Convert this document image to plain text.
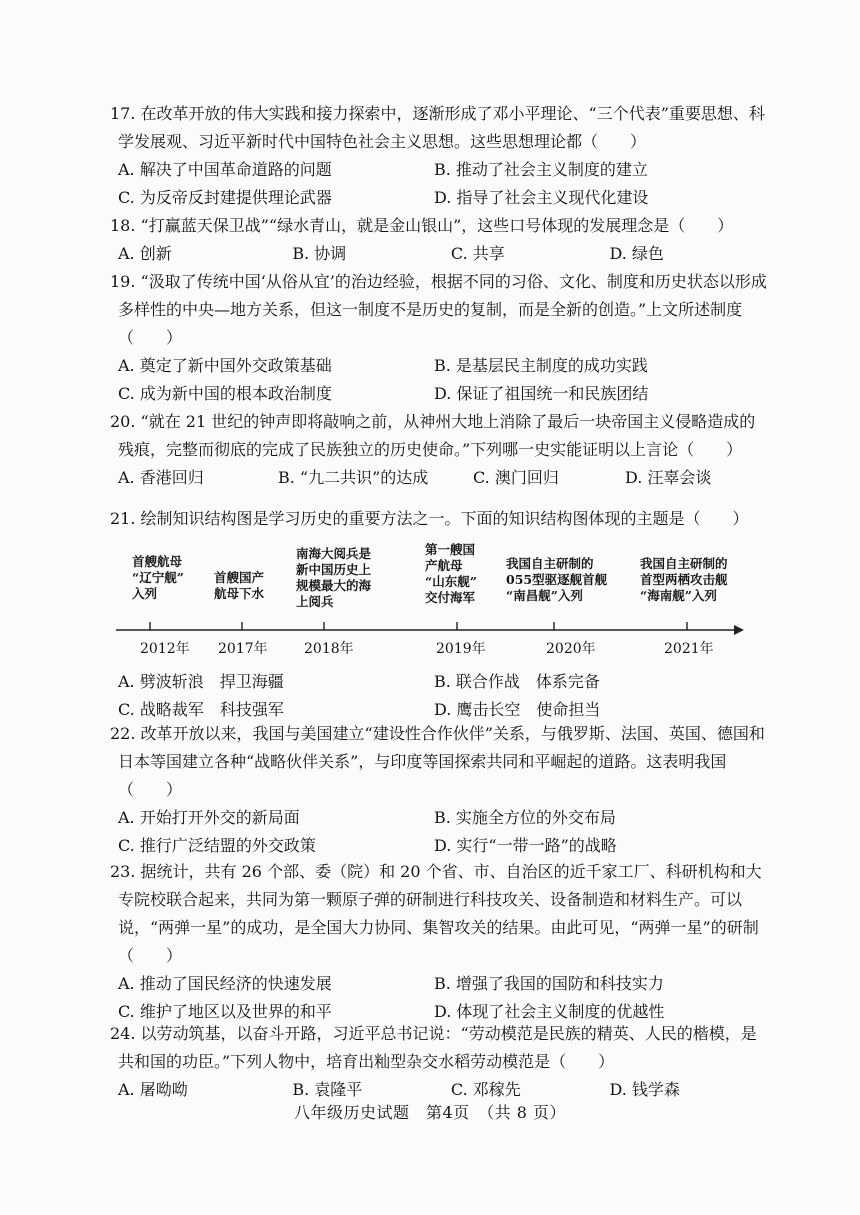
17. 在改革开放的伟大实践和接力探索中，逐渐形成了邓小平理论、“三个代表”重要思想、科学发展观、习近平新时代中国特色社会主义思想。这些思想理论都（　　）

A. 解决了中国革命道路的问题	B. 推动了社会主义制度的建立
C. 为反帝反封建提供理论武器	D. 指导了社会主义现代化建设

18. “打赢蓝天保卫战”“绿水青山，就是金山银山”，这些口号体现的发展理念是（　　）

A. 创新	B. 协调	C. 共享	D. 绿色

19. “汲取了传统中国‘从俗从宜’的治边经验，根据不同的习俗、文化、制度和历史状态以形成多样性的中央—地方关系，但这一制度不是历史的复制，而是全新的创造。”上文所述制度（　　）

A. 奠定了新中国外交政策基础	B. 是基层民主制度的成功实践
C. 成为新中国的根本政治制度	D. 保证了祖国统一和民族团结

20. “就在 21 世纪的钟声即将敲响之前，从神州大地上消除了最后一块帝国主义侵略造成的残痕，完整而彻底的完成了民族独立的历史使命。”下列哪一史实能证明以上言论（　　）

A. 香港回归	B. “九二共识”的达成	C. 澳门回归	D. 汪辜会谈

21. 绘制知识结构图是学习历史的重要方法之一。下面的知识结构图体现的主题是（　　）

首艘航母
“辽宁舰”
入列
首艘国产
航母下水
南海大阅兵是
新中国历史上
规模最大的海
上阅兵
第一艘国
产航母
“山东舰”
交付海军
我国自主研制的
055型驱逐舰首舰
“南昌舰”入列
我国自主研制的
首型两栖攻击舰
“海南舰”入列
2012年 2017年	2018年	2019年	2020年	2021年
A. 劈波斩浪　捍卫海疆	B. 联合作战　体系完备
C. 战略裁军　科技强军	D. 鹰击长空　使命担当

22. 改革开放以来，我国与美国建立“建设性合作伙伴”关系，与俄罗斯、法国、英国、德国和日本等国建立各种“战略伙伴关系”，与印度等国探索共同和平崛起的道路。这表明我国（　　）

A. 开始打开外交的新局面	B. 实施全方位的外交布局
C. 推行广泛结盟的外交政策	D. 实行“一带一路”的战略

23. 据统计，共有 26 个部、委（院）和 20 个省、市、自治区的近千家工厂、科研机构和大专院校联合起来，共同为第一颗原子弹的研制进行科技攻关、设备制造和材料生产。可以说，“两弹一星”的成功，是全国大力协同、集智攻关的结果。由此可见，“两弹一星”的研制（　　）

A. 推动了国民经济的快速发展	B. 增强了我国的国防和科技实力
C. 维护了地区以及世界的和平	D. 体现了社会主义制度的优越性

24. 以劳动筑基，以奋斗开路，习近平总书记说：“劳动模范是民族的精英、人民的楷模，是共和国的功臣。”下列人物中，培育出籼型杂交水稻劳动模范是（　　）

A. 屠呦呦	B. 袁隆平	C. 邓稼先	D. 钱学森
八年级历史试题　第4页　（共 8 页）
